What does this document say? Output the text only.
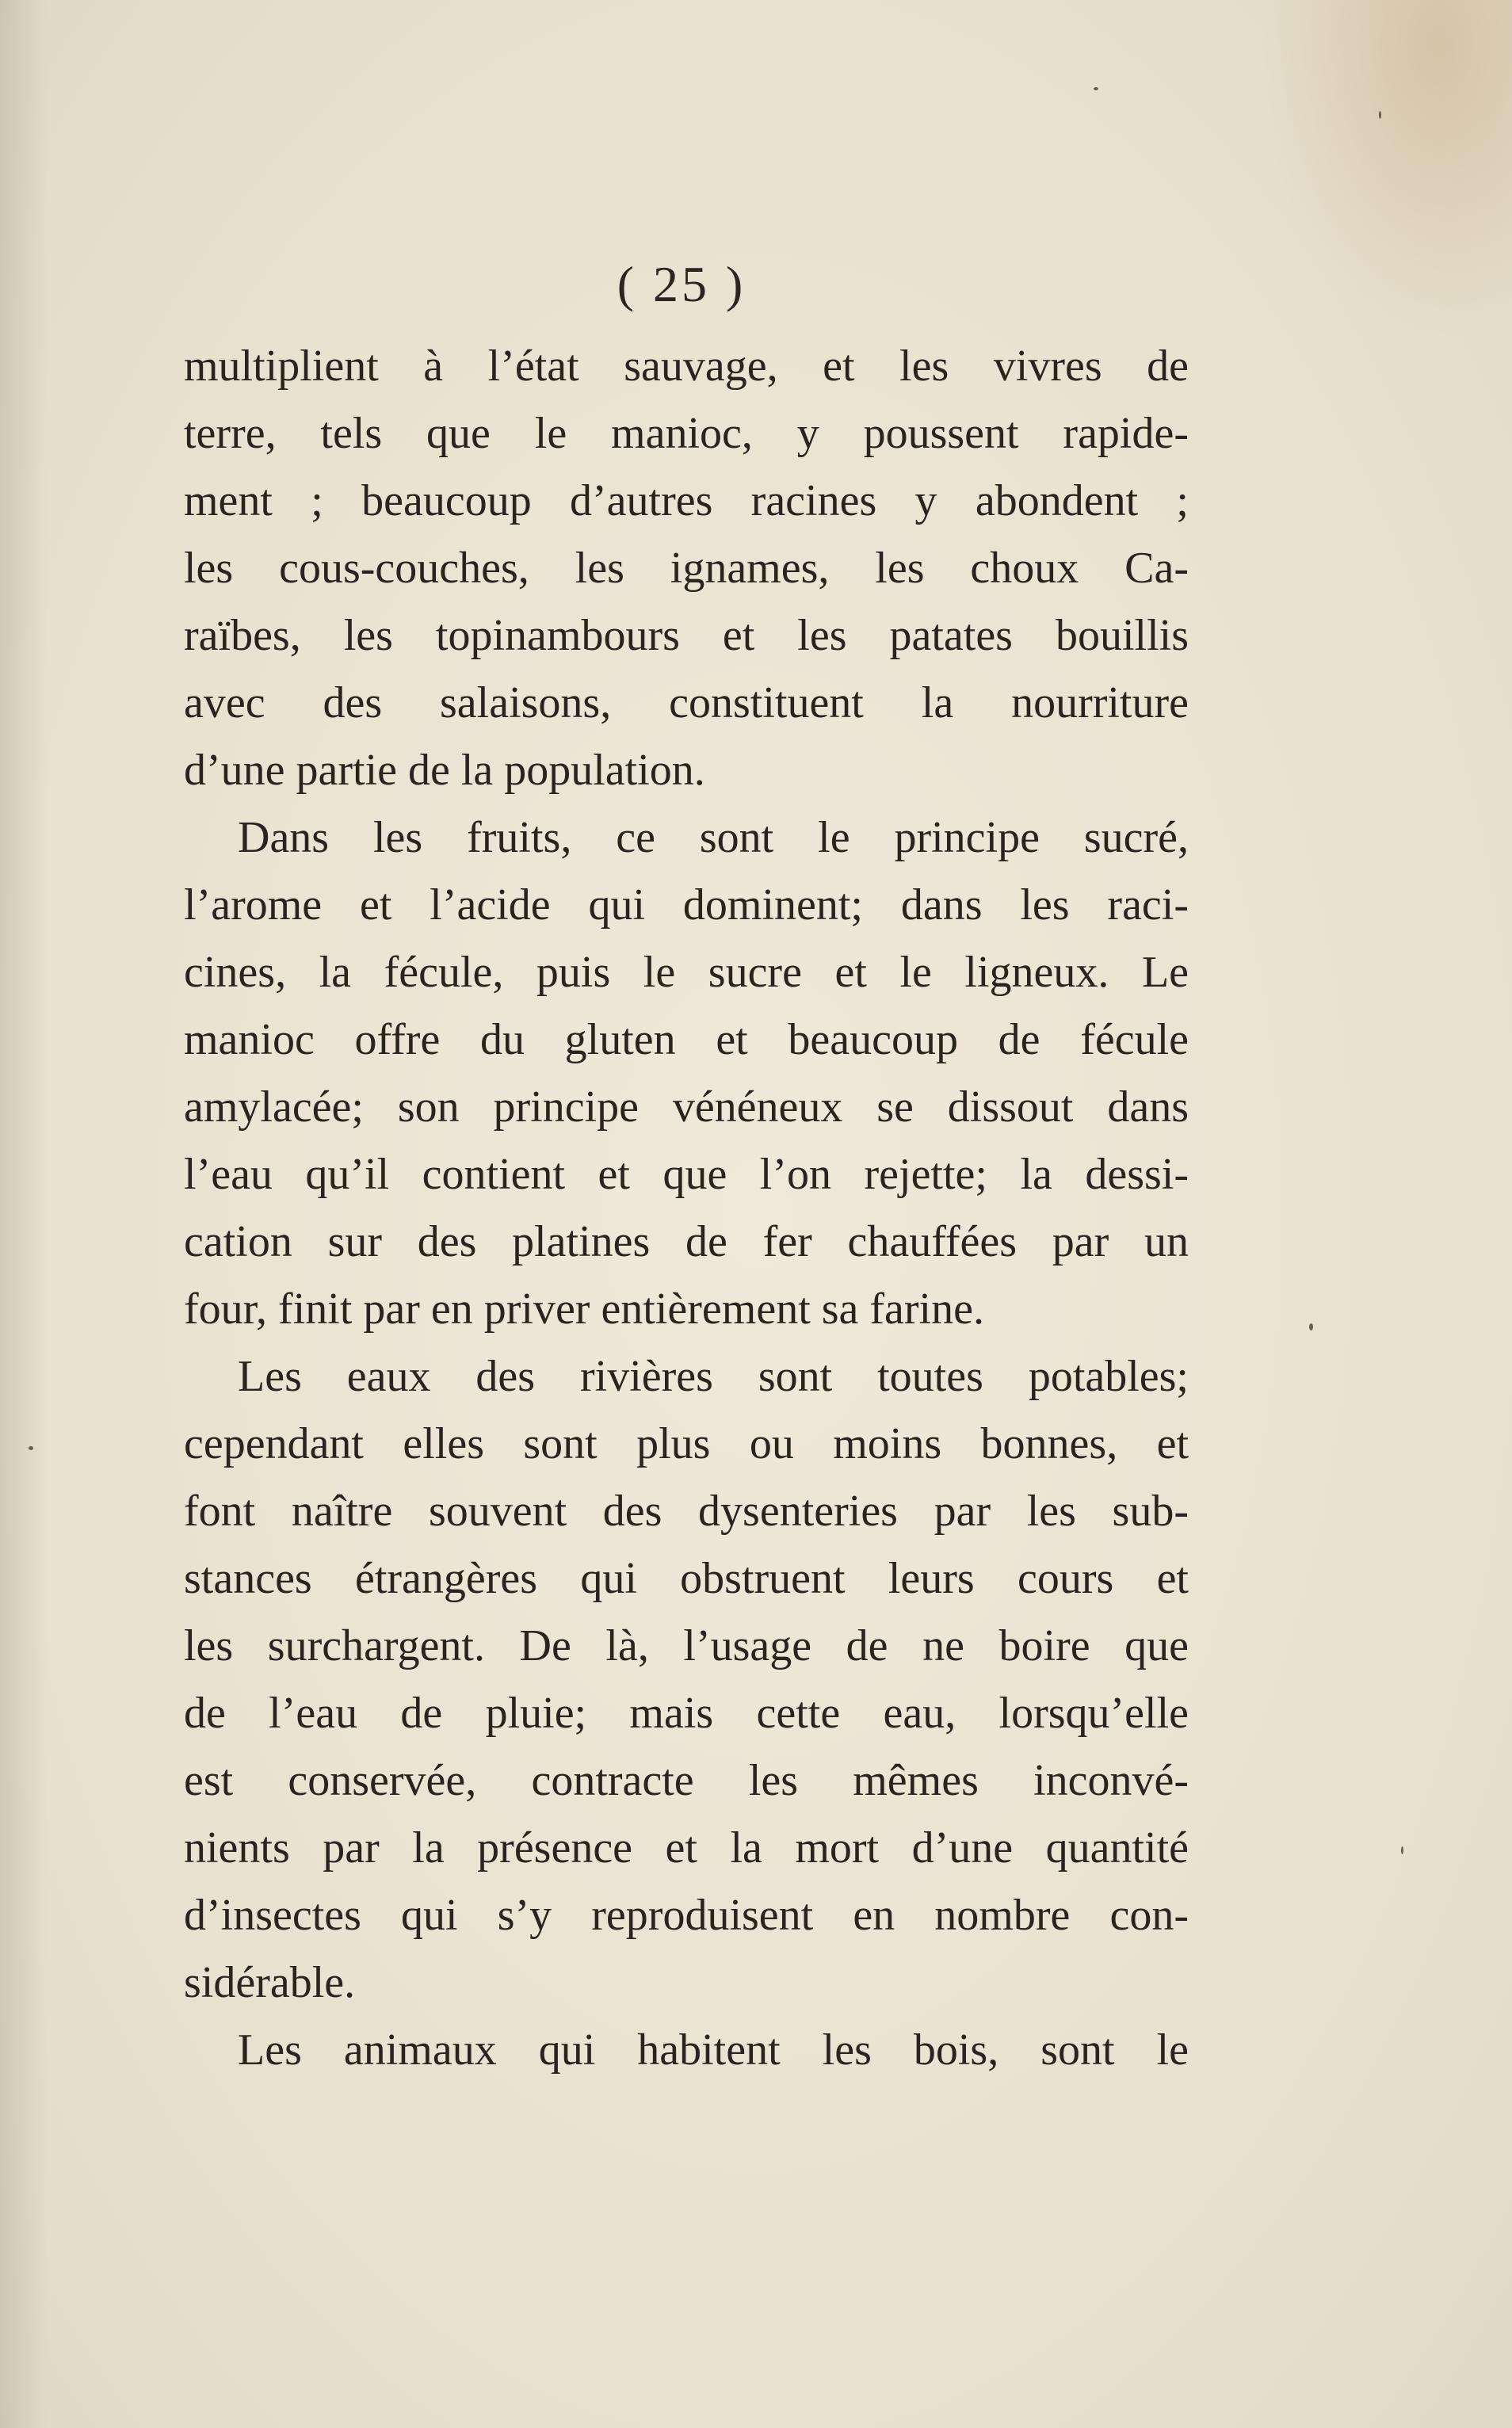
( 25 )
multiplient à l’état sauvage, et les vivres de
terre, tels que le manioc, y poussent rapide-
ment ; beaucoup d’autres racines y abondent ;
les cous-couches, les ignames, les choux Ca-
raïbes, les topinambours et les patates bouillis
avec des salaisons, constituent la nourriture
d’une partie de la population.
Dans les fruits, ce sont le principe sucré,
l’arome et l’acide qui dominent; dans les raci-
cines, la fécule, puis le sucre et le ligneux. Le
manioc offre du gluten et beaucoup de fécule
amylacée; son principe vénéneux se dissout dans
l’eau qu’il contient et que l’on rejette; la dessi-
cation sur des platines de fer chauffées par un
four, finit par en priver entièrement sa farine.
Les eaux des rivières sont toutes potables;
cependant elles sont plus ou moins bonnes, et
font naître souvent des dysenteries par les sub-
stances étrangères qui obstruent leurs cours et
les surchargent. De là, l’usage de ne boire que
de l’eau de pluie; mais cette eau, lorsqu’elle
est conservée, contracte les mêmes inconvé-
nients par la présence et la mort d’une quantité
d’insectes qui s’y reproduisent en nombre con-
sidérable.
Les animaux qui habitent les bois, sont le
